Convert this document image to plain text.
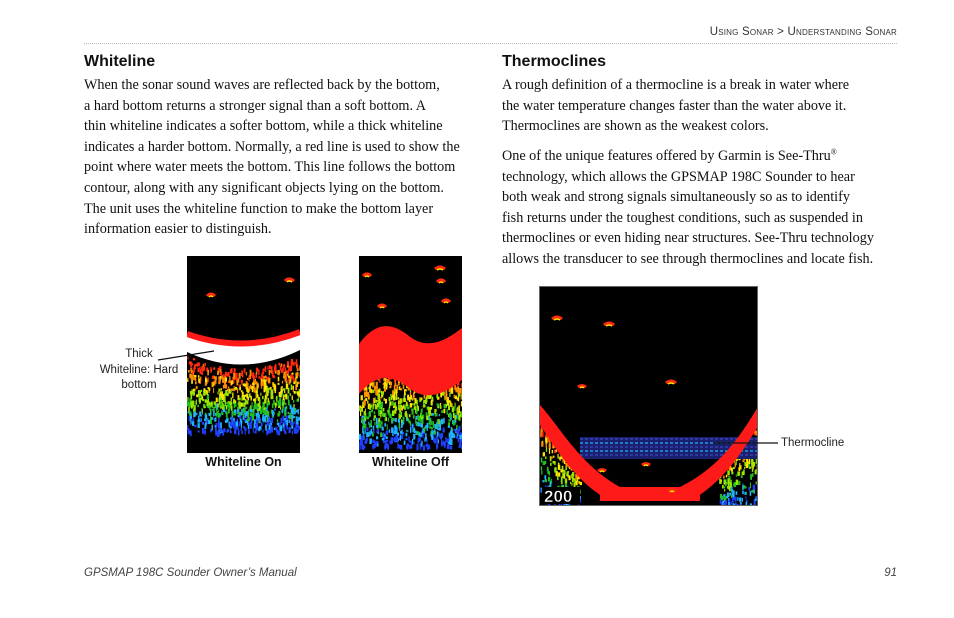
Using Sonar > Understanding Sonar
Whiteline
When the sonar sound waves are reflected back by the bottom,
a hard bottom returns a stronger signal than a soft bottom. A
thin whiteline indicates a softer bottom, while a thick whiteline
indicates a harder bottom. Normally, a red line is used to show the
point where water meets the bottom. This line follows the bottom
contour, along with any significant objects lying on the bottom.
The unit uses the whiteline function to make the bottom layer
information easier to distinguish.
Whiteline On	Whiteline Off
Thick
Whiteline: Hard
bottom
Thermoclines
A rough definition of a thermocline is a break in water where
the water temperature changes faster than the water above it.
Thermoclines are shown as the weakest colors.
One of the unique features offered by Garmin is See-Thru®
technology, which allows the GPSMAP 198C Sounder to hear
both weak and strong signals simultaneously so as to identify
fish returns under the toughest conditions, such as suspended in
thermoclines or even hiding near structures. See-Thru technology
allows the transducer to see through thermoclines and locate fish.
200
Thermocline
GPSMAP 198C Sounder Owner’s Manual	91
